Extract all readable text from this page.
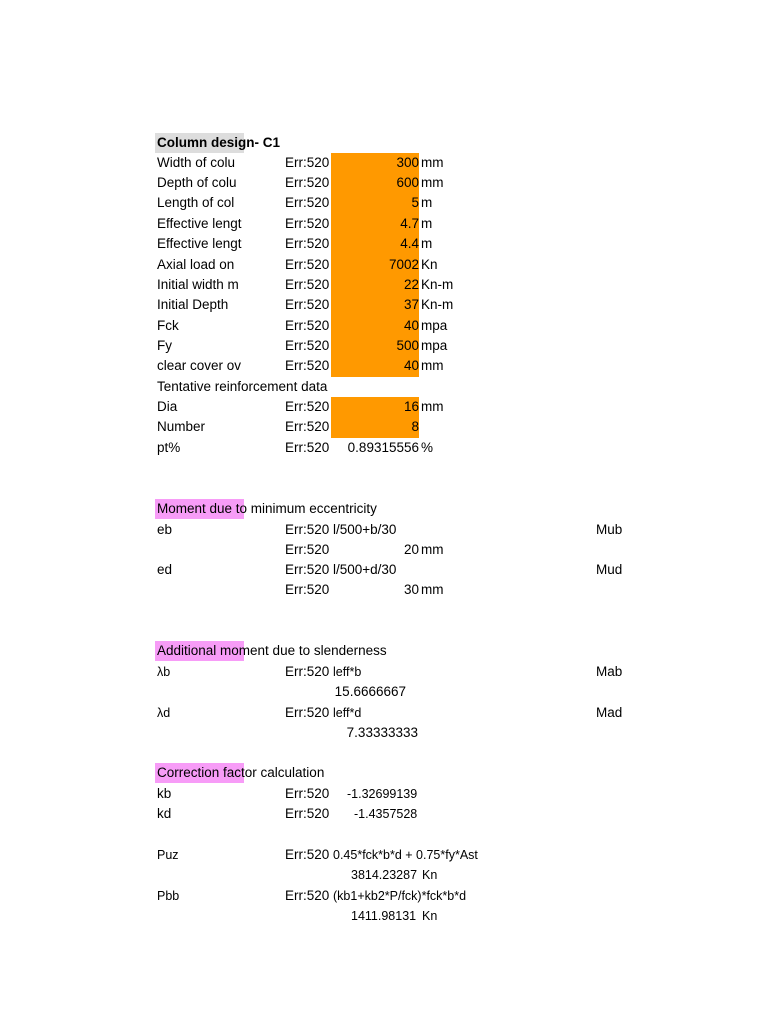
Column design- C1
Width of colu	Err:520	300 mm
Depth of colu	Err:520	600 mm
Length of col	Err:520	5 m
Effective lengt	Err:520	4.7 m
Effective lengt	Err:520	4.4 m
Axial load on	Err:520	7002 Kn
Initial width m	Err:520	22 Kn-m
Initial Depth	Err:520	37 Kn-m
Fck	Err:520	40 mpa
Fy	Err:520	500 mpa
clear cover ov	Err:520	40 mm
Tentative reinforcement data
Dia	Err:520	16 mm
Number	Err:520	8
pt%	Err:520	0.89315556 %
Moment due to minimum eccentricity
eb	Err:520 l/500+b/30	Mub
Err:520	20 mm
ed	Err:520 l/500+d/30	Mud
Err:520	30 mm
Additional moment due to slenderness
λb	Err:520 leff*b	Mab
15.6666667
λd	Err:520 leff*d	Mad
7.33333333
Correction factor calculation
kb	Err:520 -1.32699139
kd	Err:520 -1.4357528
Puz	Err:520 0.45*fck*b*d + 0.75*fy*Ast
3814.23287 Kn
Pbb	Err:520 (kb1+kb2*P/fck)*fck*b*d
1411.98131 Kn
